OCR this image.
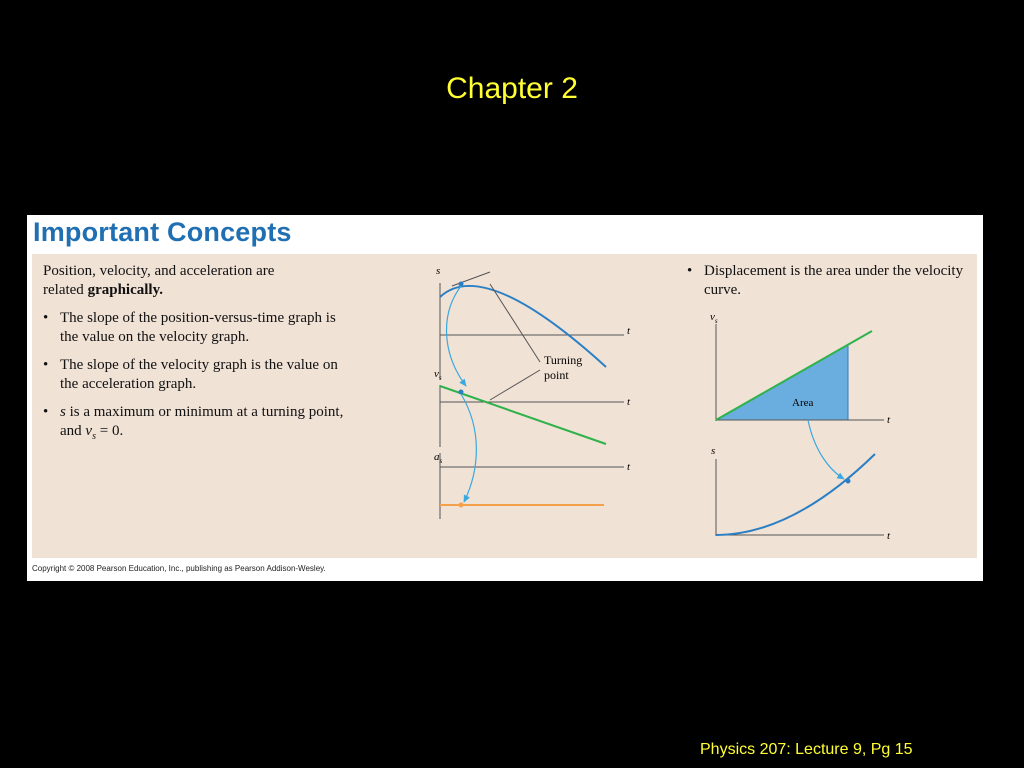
Chapter 2
Important Concepts
Position, velocity, and acceleration are
related graphically.
• The slope of the position-versus-time graph is the value on the velocity graph.
• The slope of the velocity graph is the value on the acceleration graph.
• s is a maximum or minimum at a turning point, and $v_s = 0$.
• Displacement is the area under the velocity curve.
s
t
Turning
point
$v_s$
t
$a_s$	t
$v_s$
t
Area
s
t
Copyright © 2008 Pearson Education, Inc., publishing as Pearson Addison-Wesley.
Physics 207: Lecture 9, Pg 15
